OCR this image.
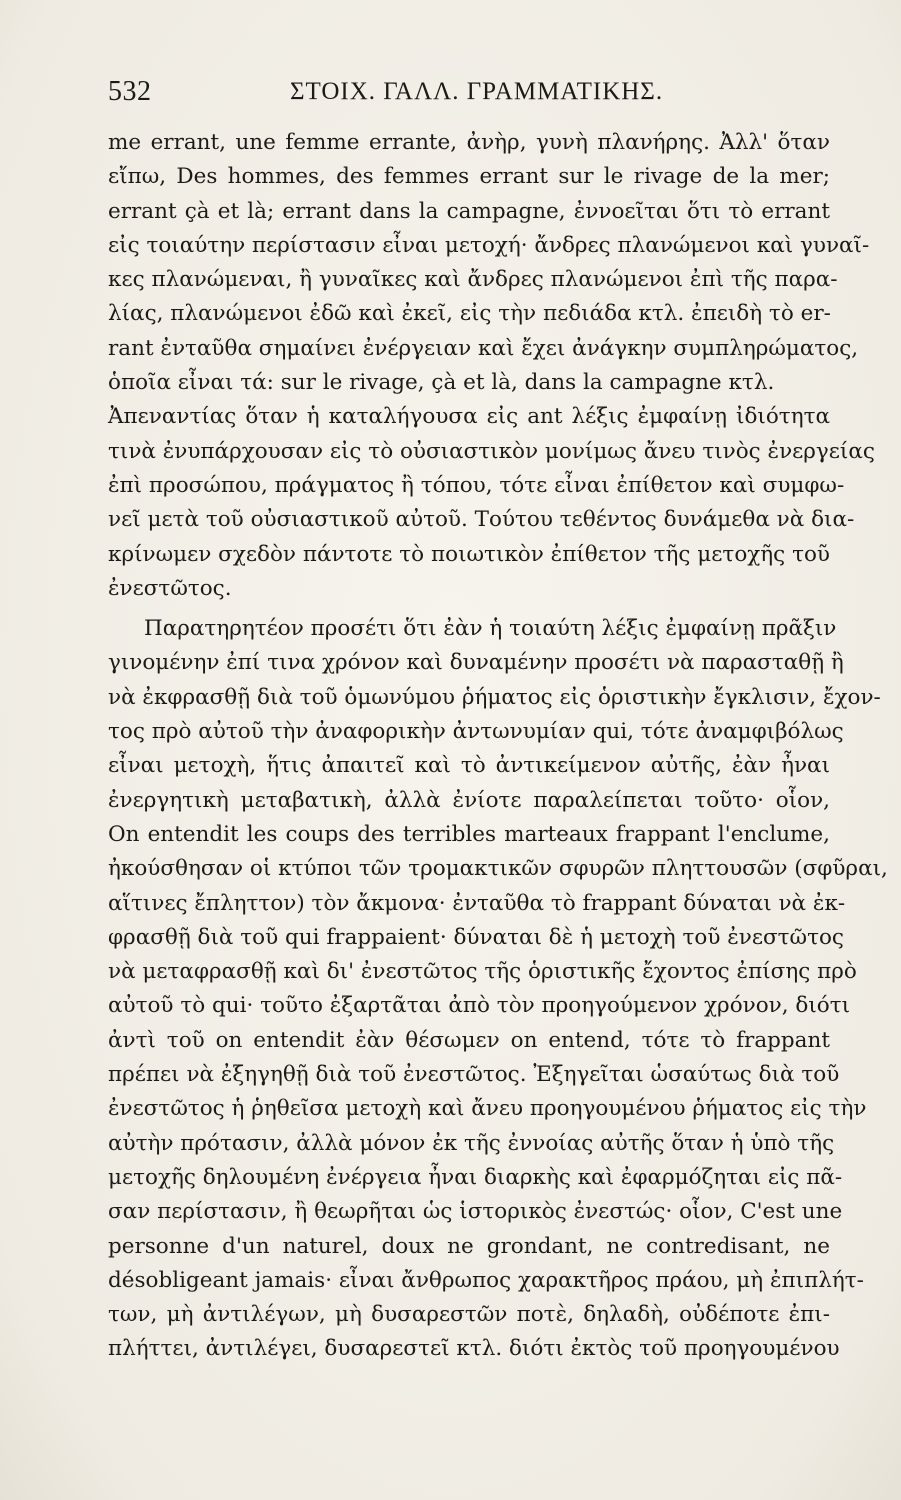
532	ΣΤΟΙΧ. ΓΑΛΛ. ΓΡΑΜΜΑΤΙΚΗΣ.
me errant, une femme errante, ἀνὴρ, γυνὴ πλανήρης. Ἀλλ' ὅταν
εἴπω, Des hommes, des femmes errant sur le rivage de la mer;
errant çà et là; errant dans la campagne, ἐννοεῖται ὅτι τὸ errant
εἰς τοιαύτην περίστασιν εἶναι μετοχή· ἄνδρες πλανώμενοι καὶ γυναῖ-
κες πλανώμεναι, ἢ γυναῖκες καὶ ἄνδρες πλανώμενοι ἐπὶ τῆς παρα-
λίας, πλανώμενοι ἐδῶ καὶ ἐκεῖ, εἰς τὴν πεδιάδα κτλ. ἐπειδὴ τὸ er-
rant ἐνταῦθα σημαίνει ἐνέργειαν καὶ ἔχει ἀνάγκην συμπληρώματος,
ὁποῖα εἶναι τά: sur le rivage, çà et là, dans la campagne κτλ.
Ἀπεναντίας ὅταν ἡ καταλήγουσα εἰς ant λέξις ἐμφαίνῃ ἰδιότητα
τινὰ ἐνυπάρχουσαν εἰς τὸ οὐσιαστικὸν μονίμως ἄνευ τινὸς ἐνεργείας
ἐπὶ προσώπου, πράγματος ἢ τόπου, τότε εἶναι ἐπίθετον καὶ συμφω-
νεῖ μετὰ τοῦ οὐσιαστικοῦ αὐτοῦ. Τούτου τεθέντος δυνάμεθα νὰ δια-
κρίνωμεν σχεδὸν πάντοτε τὸ ποιωτικὸν ἐπίθετον τῆς μετοχῆς τοῦ
ἐνεστῶτος.
Παρατηρητέον προσέτι ὅτι ἐὰν ἡ τοιαύτη λέξις ἐμφαίνῃ πρᾶξιν
γινομένην ἐπί τινα χρόνον καὶ δυναμένην προσέτι νὰ παρασταθῇ ἢ
νὰ ἐκφρασθῇ διὰ τοῦ ὁμωνύμου ῥήματος εἰς ὁριστικὴν ἔγκλισιν, ἔχον-
τος πρὸ αὐτοῦ τὴν ἀναφορικὴν ἀντωνυμίαν qui, τότε ἀναμφιβόλως
εἶναι μετοχὴ, ἥτις ἀπαιτεῖ καὶ τὸ ἀντικείμενον αὐτῆς, ἐὰν ἦναι
ἐνεργητικὴ μεταβατικὴ, ἀλλὰ ἐνίοτε παραλείπεται τοῦτο· οἷον,
On entendit les coups des terribles marteaux frappant l'enclume,
ἠκούσθησαν οἱ κτύποι τῶν τρομακτικῶν σφυρῶν πληττουσῶν (σφῦραι,
αἵτινες ἔπληττον) τὸν ἄκμονα· ἐνταῦθα τὸ frappant δύναται νὰ ἐκ-
φρασθῇ διὰ τοῦ qui frappaient· δύναται δὲ ἡ μετοχὴ τοῦ ἐνεστῶτος
νὰ μεταφρασθῇ καὶ δι' ἐνεστῶτος τῆς ὁριστικῆς ἔχοντος ἐπίσης πρὸ
αὐτοῦ τὸ qui· τοῦτο ἐξαρτᾶται ἀπὸ τὸν προηγούμενον χρόνον, διότι
ἀντὶ τοῦ on entendit ἐὰν θέσωμεν on entend, τότε τὸ frappant
πρέπει νὰ ἐξηγηθῇ διὰ τοῦ ἐνεστῶτος. Ἐξηγεῖται ὡσαύτως διὰ τοῦ
ἐνεστῶτος ἡ ῥηθεῖσα μετοχὴ καὶ ἄνευ προηγουμένου ῥήματος εἰς τὴν
αὐτὴν πρότασιν, ἀλλὰ μόνον ἐκ τῆς ἐννοίας αὐτῆς ὅταν ἡ ὑπὸ τῆς
μετοχῆς δηλουμένη ἐνέργεια ἦναι διαρκὴς καὶ ἐφαρμόζηται εἰς πᾶ-
σαν περίστασιν, ἢ θεωρῆται ὡς ἱστορικὸς ἐνεστώς· οἷον, C'est une
personne d'un naturel, doux ne grondant, ne contredisant, ne
désobligeant jamais· εἶναι ἄνθρωπος χαρακτῆρος πράου, μὴ ἐπιπλήτ-
των, μὴ ἀντιλέγων, μὴ δυσαρεστῶν ποτὲ, δηλαδὴ, οὐδέποτε ἐπι-
πλήττει, ἀντιλέγει, δυσαρεστεῖ κτλ. διότι ἐκτὸς τοῦ προηγουμένου
